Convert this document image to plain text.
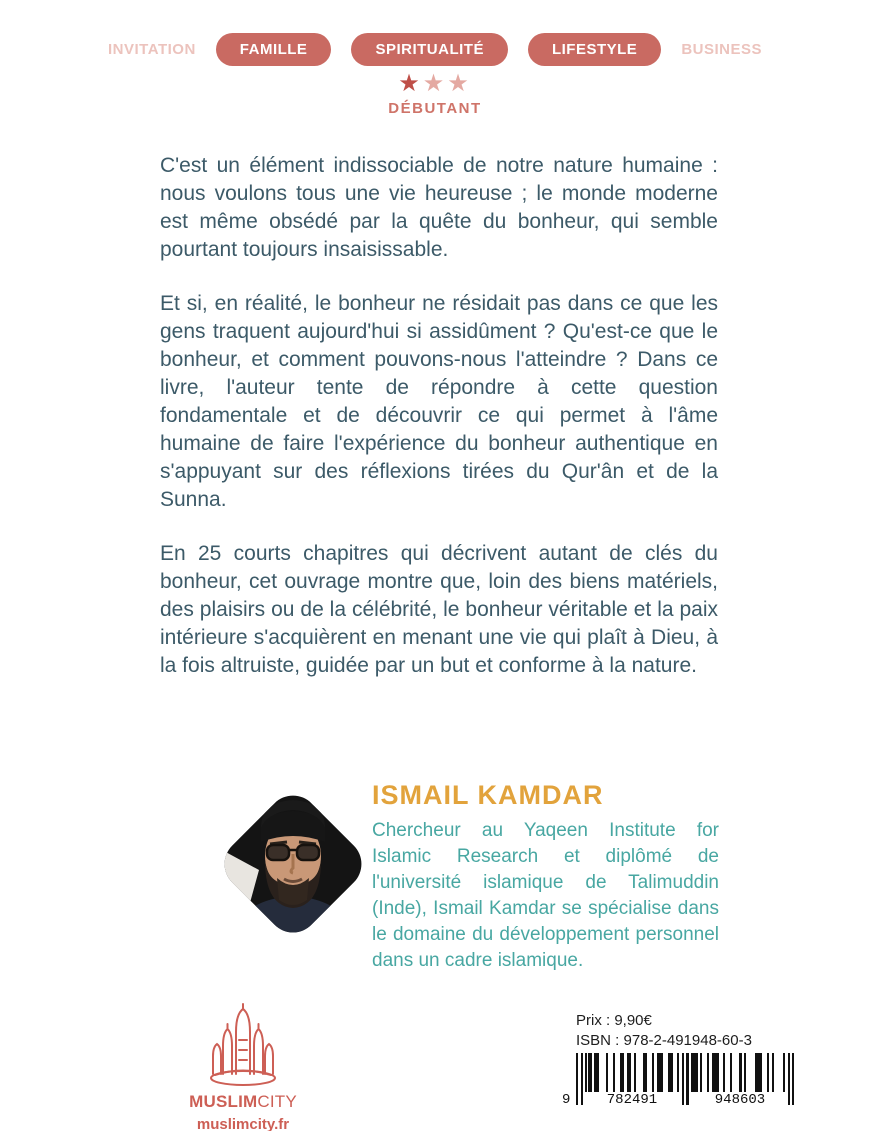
INVITATION	FAMILLE	SPIRITUALITÉ	LIFESTYLE	BUSINESS
★★★
DÉBUTANT

C'est un élément indissociable de notre nature humaine : nous voulons tous une vie heureuse ; le monde moderne est même obsédé par la quête du bonheur, qui semble pourtant toujours insaisissable.

Et si, en réalité, le bonheur ne résidait pas dans ce que les gens traquent aujourd'hui si assidûment ? Qu'est-ce que le bonheur, et comment pouvons-nous l'atteindre ? Dans ce livre, l'auteur tente de répondre à cette question fondamentale et de découvrir ce qui permet à l'âme humaine de faire l'expérience du bonheur authentique en s'appuyant sur des réflexions tirées du Qur'ân et de la Sunna.

En 25 courts chapitres qui décrivent autant de clés du bonheur, cet ouvrage montre que, loin des biens matériels, des plaisirs ou de la célébrité, le bonheur véritable et la paix intérieure s'acquièrent en menant une vie qui plaît à Dieu, à la fois altruiste, guidée par un but et conforme à la nature.

ISMAIL KAMDAR
Chercheur au Yaqeen Institute for Islamic Research et diplômé de l'université islamique de Talimuddin (Inde), Ismail Kamdar se spécialise dans le domaine du développement personnel dans un cadre islamique.
MUSLIMCITY
muslimcity.fr
Prix : 9,90€
ISBN : 978-2-491948-60-3
9	782491	948603
